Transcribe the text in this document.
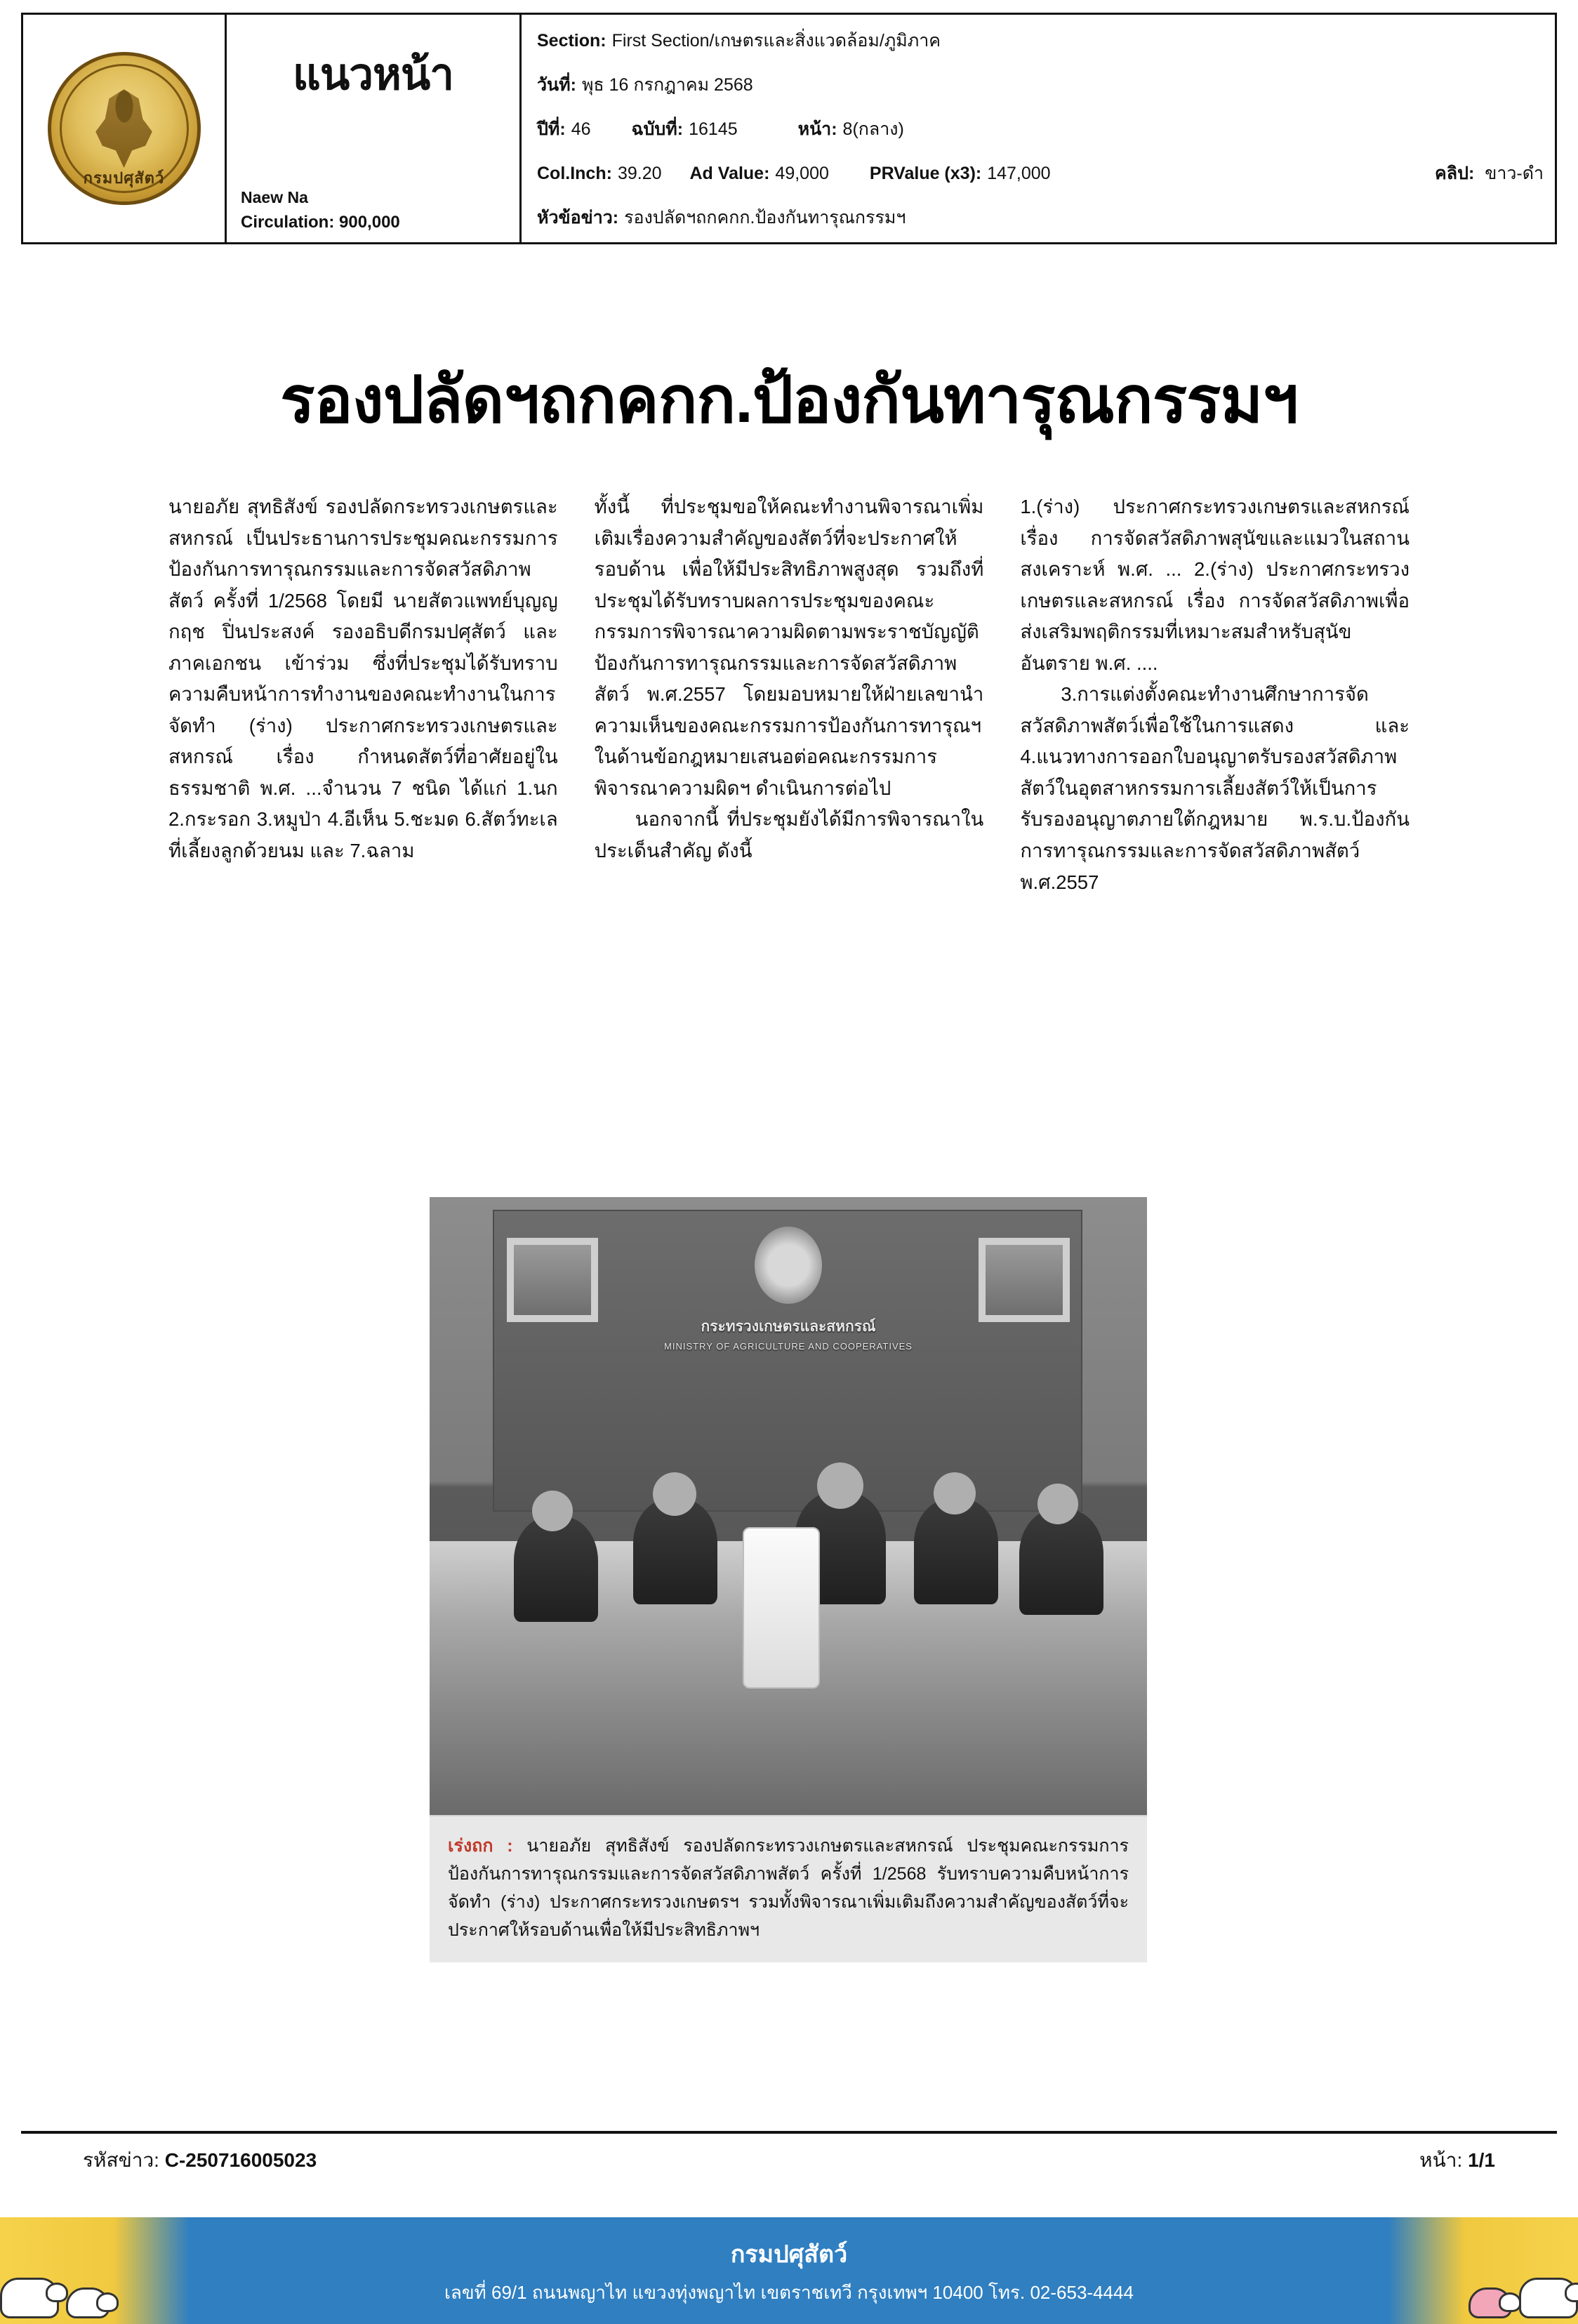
กรมปศุสัตว์
แนวหน้า
Naew Na
Circulation: 900,000
Section: First Section/เกษตรและสิ่งแวดล้อม/ภูมิภาค
วันที่: พุธ 16 กรกฎาคม 2568
ปีที่: 46 ฉบับที่: 16145	หน้า: 8(กลาง)
Col.Inch: 39.20 Ad Value: 49,000 PRValue (x3): 147,000	คลิป: ขาว-ดำ
หัวข้อข่าว: รองปลัดฯถกคกก.ป้องกันทารุณกรรมฯ
รองปลัดฯถกคกก.ป้องกันทารุณกรรมฯ

นายอภัย สุทธิสังข์ รองปลัดกระทรวงเกษตรและสหกรณ์ เป็นประธานการประชุมคณะกรรมการป้องกันการทารุณกรรมและการจัดสวัสดิภาพสัตว์ ครั้งที่ 1/2568 โดยมี นายสัตวแพทย์บุญญกฤช ปิ่นประสงค์ รองอธิบดีกรมปศุสัตว์ และภาคเอกชน เข้าร่วม ซึ่งที่ประชุมได้รับทราบความคืบหน้าการทำงานของคณะทำงานในการจัดทำ (ร่าง) ประกาศกระทรวงเกษตรและสหกรณ์ เรื่อง กำหนดสัตว์ที่อาศัยอยู่ในธรรมชาติ พ.ศ. ...จำนวน 7 ชนิด ได้แก่ 1.นก 2.กระรอก 3.หมูป่า 4.อีเห็น 5.ชะมด 6.สัตว์ทะเลที่เลี้ยงลูกด้วยนม และ 7.ฉลาม

ทั้งนี้ ที่ประชุมขอให้คณะทำงานพิจารณาเพิ่มเติมเรื่องความสำคัญของสัตว์ที่จะประกาศให้รอบด้าน เพื่อให้มีประสิทธิภาพสูงสุด รวมถึงที่ประชุมได้รับทราบผลการประชุมของคณะกรรมการพิจารณาความผิดตามพระราชบัญญัติป้องกันการทารุณกรรมและการจัดสวัสดิภาพสัตว์ พ.ศ.2557 โดยมอบหมายให้ฝ่ายเลขานำความเห็นของคณะกรรมการป้องกันการทารุณฯ ในด้านข้อกฎหมายเสนอต่อคณะกรรมการพิจารณาความผิดฯ ดำเนินการต่อไป

นอกจากนี้ ที่ประชุมยังได้มีการพิจารณาในประเด็นสำคัญ ดังนี้

1.(ร่าง) ประกาศกระทรวงเกษตรและสหกรณ์ เรื่อง การจัดสวัสดิภาพสุนัขและแมวในสถานสงเคราะห์ พ.ศ. ... 2.(ร่าง) ประกาศกระทรวงเกษตรและสหกรณ์ เรื่อง การจัดสวัสดิภาพเพื่อส่งเสริมพฤติกรรมที่เหมาะสมสำหรับสุนัขอันตราย พ.ศ. ....

3.การแต่งตั้งคณะทำงานศึกษาการจัดสวัสดิภาพสัตว์เพื่อใช้ในการแสดง และ 4.แนวทางการออกใบอนุญาตรับรองสวัสดิภาพสัตว์ในอุตสาหกรรมการเลี้ยงสัตว์ให้เป็นการรับรองอนุญาตภายใต้กฎหมาย พ.ร.บ.ป้องกันการทารุณกรรมและการจัดสวัสดิภาพสัตว์ พ.ศ.2557

กระทรวงเกษตรและสหกรณ์
MINISTRY OF AGRICULTURE AND COOPERATIVES
เร่งถก : นายอภัย สุทธิสังข์ รองปลัดกระทรวงเกษตรและสหกรณ์ ประชุมคณะกรรมการป้องกันการทารุณกรรมและการจัดสวัสดิภาพสัตว์ ครั้งที่ 1/2568 รับทราบความคืบหน้าการจัดทำ (ร่าง) ประกาศกระทรวงเกษตรฯ รวมทั้งพิจารณาเพิ่มเติมถึงความสำคัญของสัตว์ที่จะประกาศให้รอบด้านเพื่อให้มีประสิทธิภาพฯ
รหัสข่าว: C-250716005023	หน้า: 1/1
กรมปศุสัตว์
เลขที่ 69/1 ถนนพญาไท แขวงทุ่งพญาไท เขตราชเทวี กรุงเทพฯ 10400 โทร. 02-653-4444
